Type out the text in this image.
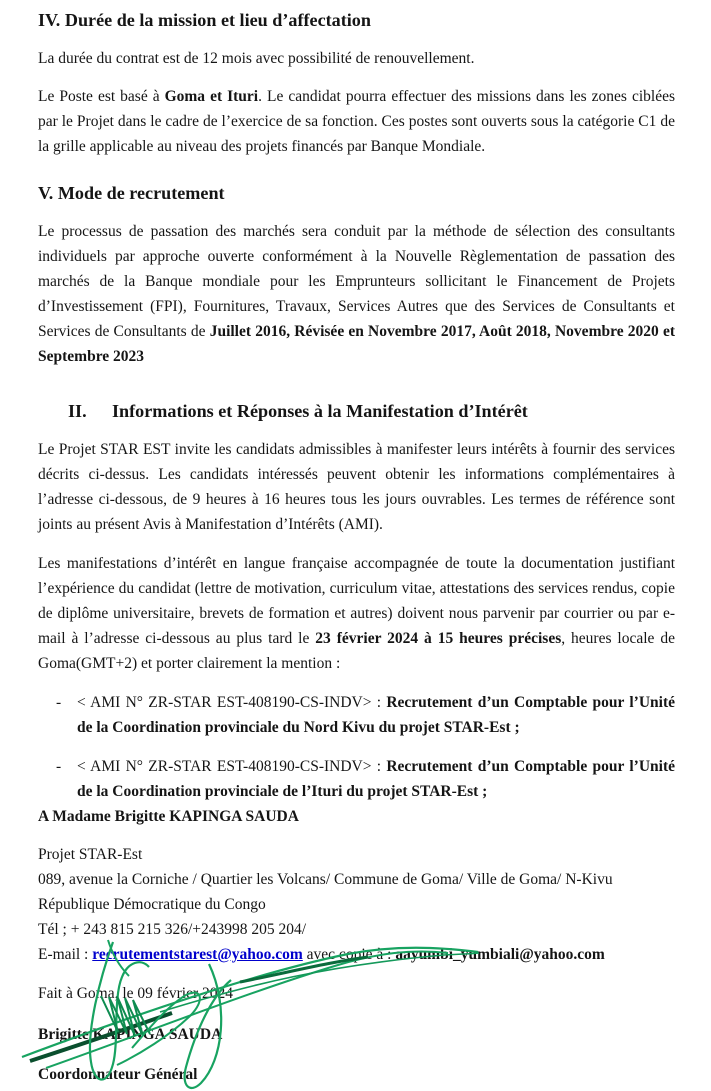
IV. Durée de la mission et lieu d’affectation

La durée du contrat est de 12 mois avec possibilité de renouvellement.

Le Poste est basé à Goma et Ituri. Le candidat pourra effectuer des missions dans les zones ciblées par le Projet dans le cadre de l’exercice de sa fonction. Ces postes sont ouverts sous la catégorie C1 de la grille applicable au niveau des projets financés par Banque Mondiale.

V. Mode de recrutement

Le processus de passation des marchés sera conduit par la méthode de sélection des consultants individuels par approche ouverte conformément à la Nouvelle Règlementation de passation des marchés de la Banque mondiale pour les Emprunteurs sollicitant le Financement de Projets d’Investissement (FPI), Fournitures, Travaux, Services Autres que des Services de Consultants et Services de Consultants de Juillet 2016, Révisée en Novembre 2017, Août 2018, Novembre 2020 et Septembre 2023

II. Informations et Réponses à la Manifestation d’Intérêt

Le Projet STAR EST invite les candidats admissibles à manifester leurs intérêts à fournir des services décrits ci-dessus. Les candidats intéressés peuvent obtenir les informations complémentaires à l’adresse ci-dessous, de 9 heures à 16 heures tous les jours ouvrables. Les termes de référence sont joints au présent Avis à Manifestation d’Intérêts (AMI).

Les manifestations d’intérêt en langue française accompagnée de toute la documentation justifiant l’expérience du candidat (lettre de motivation, curriculum vitae, attestations des services rendus, copie de diplôme universitaire, brevets de formation et autres) doivent nous parvenir par courrier ou par e-mail à l’adresse ci-dessous au plus tard le 23 février 2024 à 15 heures précises, heures locale de Goma(GMT+2) et porter clairement la mention :

-	< AMI N° ZR-STAR EST-408190-CS-INDV> : Recrutement d’un Comptable pour l’Unité de la Coordination provinciale du Nord Kivu du projet STAR-Est ;
-	< AMI N° ZR-STAR EST-408190-CS-INDV> : Recrutement d’un Comptable pour l’Unité de la Coordination provinciale de l’Ituri du projet STAR-Est ;

A Madame Brigitte KAPINGA SAUDA

Projet STAR-Est
089, avenue la Corniche / Quartier les Volcans/ Commune de Goma/ Ville de Goma/ N-Kivu
République Démocratique du Congo
Tél ; + 243 815 215 326/+243998 205 204/
E-mail : recrutementstarest@yahoo.com avec copie à : aayumbi_yumbiali@yahoo.com

Fait à Goma, le 09 février 2024

Brigitte KAPINGA SAUDA

Coordonnateur Général
